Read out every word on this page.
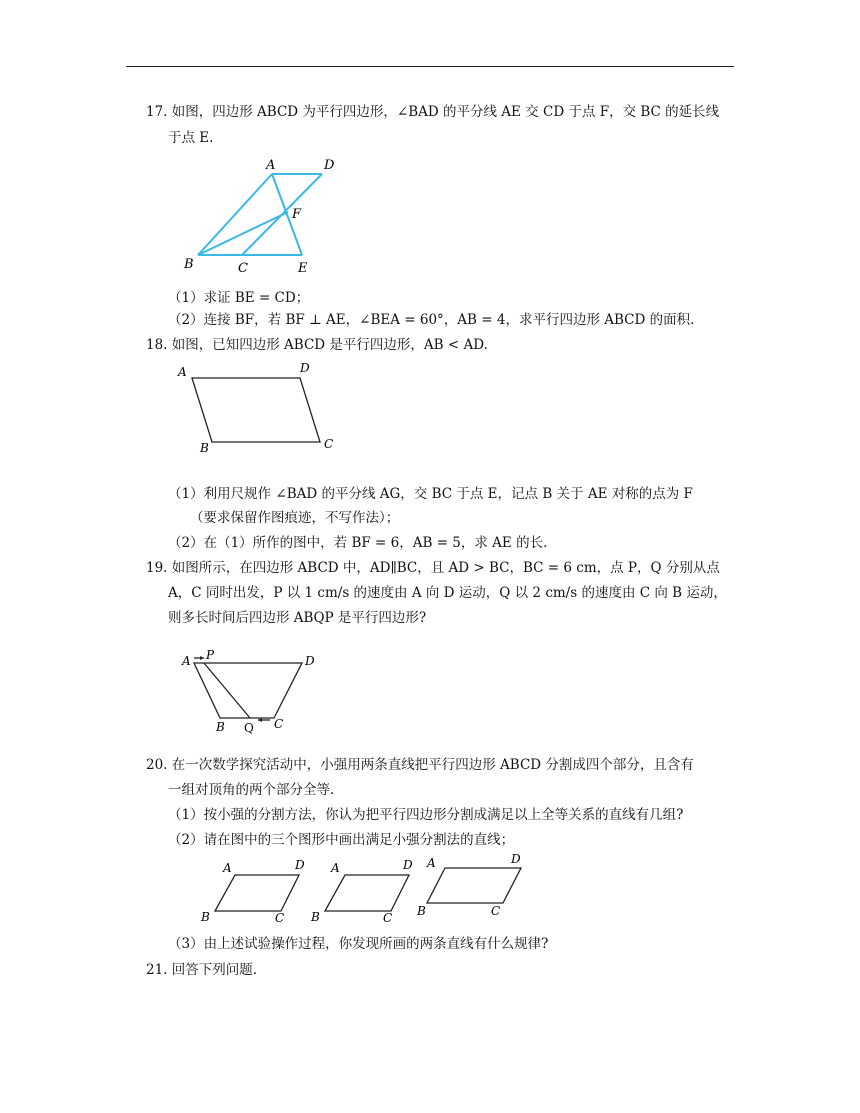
17. 如图，四边形 ABCD 为平行四边形，∠BAD 的平分线 AE 交 CD 于点 F，交 BC 的延长线
于点 E.
A	D
F
B	C	E
（1）求证 BE = CD；
（2）连接 BF，若 BF ⊥ AE，∠BEA = 60°，AB = 4，求平行四边形 ABCD 的面积.
18. 如图，已知四边形 ABCD 是平行四边形，AB < AD.
A	D
B	C
（1）利用尺规作 ∠BAD 的平分线 AG，交 BC 于点 E，记点 B 关于 AE 对称的点为 F
（要求保留作图痕迹，不写作法）；
（2）在（1）所作的图中，若 BF = 6，AB = 5，求 AE 的长.
19. 如图所示，在四边形 ABCD 中，AD∥BC，且 AD > BC，BC = 6 cm，点 P，Q 分别从点
A，C 同时出发，P 以 1 cm/s 的速度由 A 向 D 运动，Q 以 2 cm/s 的速度由 C 向 B 运动，
则多长时间后四边形 ABQP 是平行四边形?
A P	D
B Q C
20. 在一次数学探究活动中，小强用两条直线把平行四边形 ABCD 分割成四个部分，且含有
一组对顶角的两个部分全等.
（1）按小强的分割方法，你认为把平行四边形分割成满足以上全等关系的直线有几组?
（2）请在图中的三个图形中画出满足小强分割法的直线；
A	D
B	C
A	D
B	C
A	D
B	C
（3）由上述试验操作过程，你发现所画的两条直线有什么规律?
21. 回答下列问题.
